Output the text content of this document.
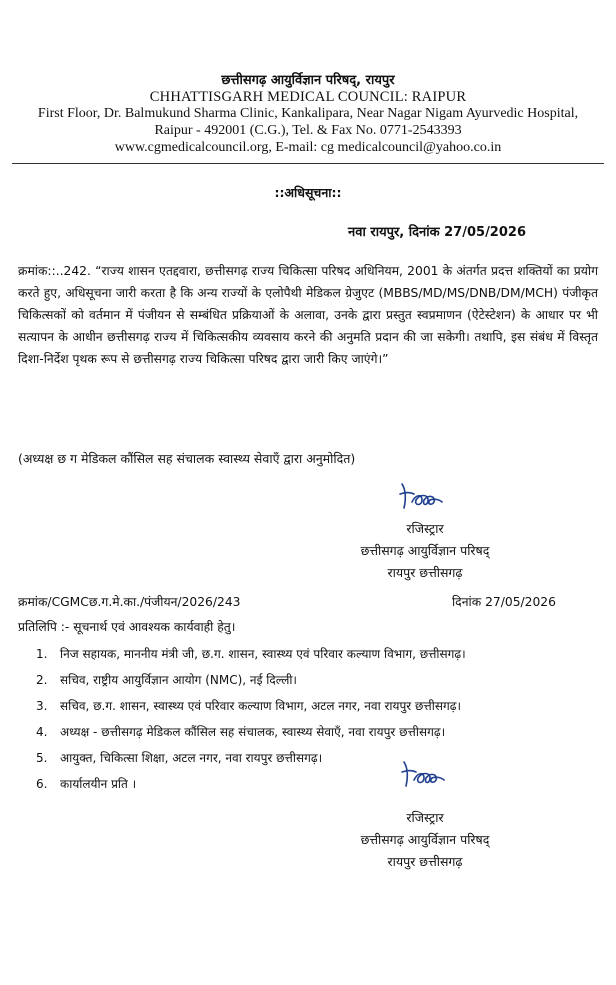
छत्तीसगढ़ आयुर्विज्ञान परिषद्, रायपुर
CHHATTISGARH MEDICAL COUNCIL: RAIPUR
First Floor, Dr. Balmukund Sharma Clinic, Kankalipara, Near Nagar Nigam Ayurvedic Hospital,
Raipur - 492001 (C.G.), Tel. & Fax No. 0771-2543393
www.cgmedicalcouncil.org, E-mail: cg medicalcouncil@yahoo.co.in
::अधिसूचना::
नवा रायपुर, दिनांक 27/05/2026
क्रमांक::..242. “राज्य शासन एतद्दवारा, छत्तीसगढ़ राज्य चिकित्सा परिषद अधिनियम, 2001 के अंतर्गत प्रदत्त शक्तियों का प्रयोग करते हुए, अधिसूचना जारी करता है कि अन्य राज्यों के एलोपैथी मेडिकल ग्रेजुएट (MBBS/MD/MS/DNB/DM/MCH) पंजीकृत चिकित्सकों को वर्तमान में पंजीयन से सम्बंधित प्रक्रियाओं के अलावा, उनके द्वारा प्रस्तुत स्वप्रमाणन (ऐटेस्टेशन) के आधार पर भी सत्यापन के आधीन छत्तीसगढ़ राज्य में चिकित्सकीय व्यवसाय करने की अनुमति प्रदान की जा सकेगी। तथापि, इस संबंध में विस्तृत दिशा-निर्देश पृथक रूप से छत्तीसगढ़ राज्य चिकित्सा परिषद द्वारा जारी किए जाएंगे।”
(अध्यक्ष छ ग मेडिकल कौंसिल सह संचालक स्वास्थ्य सेवाएँ द्वारा अनुमोदित)
रजिस्ट्रार
छत्तीसगढ़ आयुर्विज्ञान परिषद्
रायपुर छत्तीसगढ़
क्रमांक/CGMCछ.ग.मे.का./पंजीयन/2026/243	दिनांक 27/05/2026
प्रतिलिपि :- सूचनार्थ एवं आवश्यक कार्यवाही हेतु।
1. निज सहायक, माननीय मंत्री जी, छ.ग. शासन, स्वास्थ्य एवं परिवार कल्याण विभाग, छत्तीसगढ़।
2. सचिव, राष्ट्रीय आयुर्विज्ञान आयोग (NMC), नई दिल्ली।
3. सचिव, छ.ग. शासन, स्वास्थ्य एवं परिवार कल्याण विभाग, अटल नगर, नवा रायपुर छत्तीसगढ़।
4. अध्यक्ष - छत्तीसगढ़ मेडिकल कौंसिल सह संचालक, स्वास्थ्य सेवाएँ, नवा रायपुर छत्तीसगढ़।
5. आयुक्त, चिकित्सा शिक्षा, अटल नगर, नवा रायपुर छत्तीसगढ़।
6. कार्यालयीन प्रति ।
रजिस्ट्रार
छत्तीसगढ़ आयुर्विज्ञान परिषद्
रायपुर छत्तीसगढ़
